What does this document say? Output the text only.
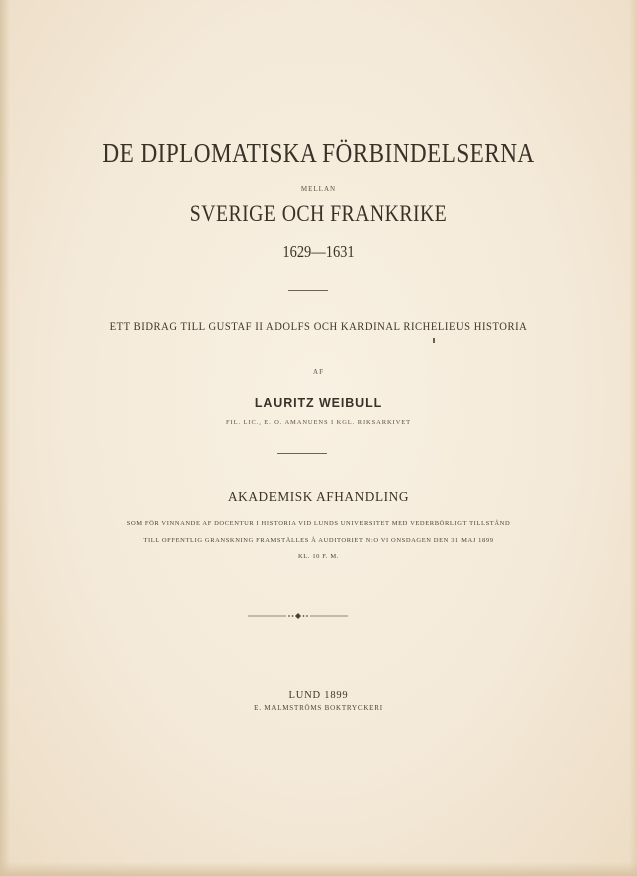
DE DIPLOMATISKA FÖRBINDELSERNA
MELLAN
SVERIGE OCH FRANKRIKE
1629—1631
ETT BIDRAG TILL GUSTAF II ADOLFS OCH KARDINAL RICHELIEUS HISTORIA
AF
LAURITZ WEIBULL
FIL. LIC., E. O. AMANUENS I KGL. RIKSARKIVET
AKADEMISK AFHANDLING
SOM FÖR VINNANDE AF DOCENTUR I HISTORIA VID LUNDS UNIVERSITET MED VEDERBÖRLIGT TILLSTÅND
TILL OFFENTLIG GRANSKNING FRAMSTÄLLES Å AUDITORIET N:O VI ONSDAGEN DEN 31 MAJ 1899
KL. 10 F. M.
LUND 1899
E. MALMSTRÖMS BOKTRYCKERI
